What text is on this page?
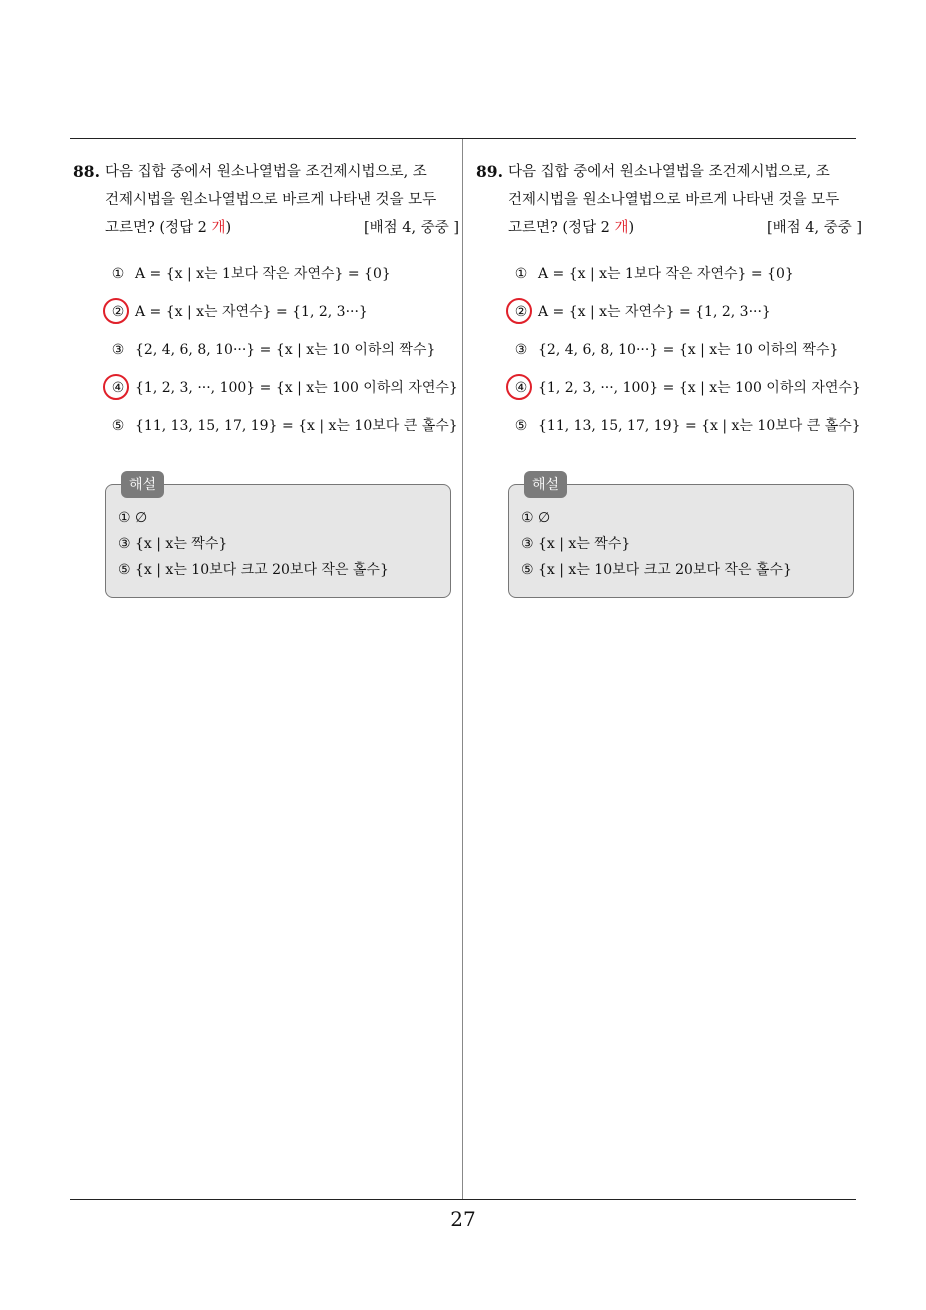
88. 다음 집합 중에서 원소나열법을 조건제시법으로, 조
건제시법을 원소나열법으로 바르게 나타낸 것을 모두
고르면? (정답 2 개)	[배점 4, 중중 ]
① A = {x | x는 1보다 작은 자연수} = {0}
② A = {x | x는 자연수} = {1, 2, 3···}
③ {2, 4, 6, 8, 10···} = {x | x는 10 이하의 짝수}
④ {1, 2, 3, ···, 100} = {x | x는 100 이하의 자연수}
⑤ {11, 13, 15, 17, 19} = {x | x는 10보다 큰 홀수}
해설
① ∅
③ {x | x는 짝수}
⑤ {x | x는 10보다 크고 20보다 작은 홀수}
89. 다음 집합 중에서 원소나열법을 조건제시법으로, 조
건제시법을 원소나열법으로 바르게 나타낸 것을 모두
고르면? (정답 2 개)	[배점 4, 중중 ]
① A = {x | x는 1보다 작은 자연수} = {0}
② A = {x | x는 자연수} = {1, 2, 3···}
③ {2, 4, 6, 8, 10···} = {x | x는 10 이하의 짝수}
④ {1, 2, 3, ···, 100} = {x | x는 100 이하의 자연수}
⑤ {11, 13, 15, 17, 19} = {x | x는 10보다 큰 홀수}
해설
① ∅
③ {x | x는 짝수}
⑤ {x | x는 10보다 크고 20보다 작은 홀수}
27
